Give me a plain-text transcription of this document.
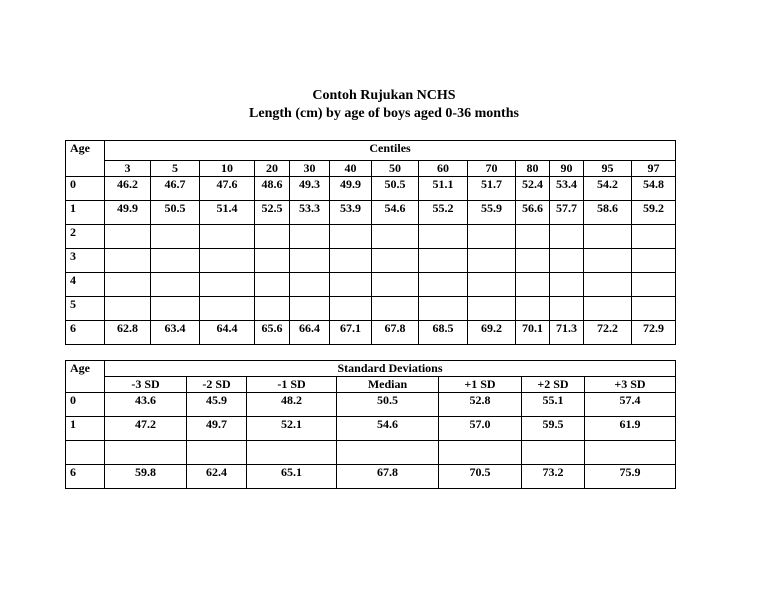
Contoh Rujukan NCHS
Length (cm) by age of boys aged 0-36 months
Age	Centiles												
	3	5	10	20	30	40	50	60	70	80	90	95	97
0	46.2	46.7	47.6	48.6	49.3	49.9	50.5	51.1	51.7	52.4	53.4	54.2	54.8
1	49.9	50.5	51.4	52.5	53.3	53.9	54.6	55.2	55.9	56.6	57.7	58.6	59.2
2													
3													
4													
5													
6	62.8	63.4	64.4	65.6	66.4	67.1	67.8	68.5	69.2	70.1	71.3	72.2	72.9
Age	Standard Deviations						
	-3 SD	-2 SD	-1 SD	Median	+1 SD	+2 SD	+3 SD
0	43.6	45.9	48.2	50.5	52.8	55.1	57.4
1	47.2	49.7	52.1	54.6	57.0	59.5	61.9

6	59.8	62.4	65.1	67.8	70.5	73.2	75.9
